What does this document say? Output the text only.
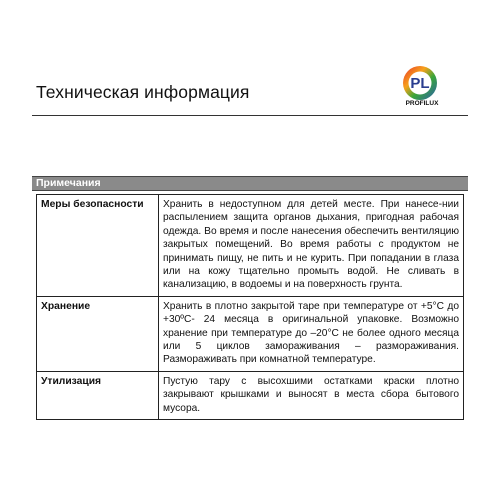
Техническая информация	PL
PROFILUX
Примечания
Меры безопасности	Хранить в недоступном для детей месте. При нанесе-нии распылением защита органов дыхания, пригодная рабочая одежда. Во время и после нанесения обеспечить вентиляцию закрытых помещений. Во время работы с продуктом не принимать пищу, не пить и не курить. При попадании в глаза или на кожу тщательно промыть водой. Не сливать в канализацию, в водоемы и на поверхность грунта.
Хранение	Хранить в плотно закрытой таре при температуре от +5°С до +30ºС- 24 месяца в оригинальной упаковке. Возможно хранение при температуре до –20°С не более одного месяца или 5 циклов замораживания – размораживания. Размораживать при комнатной температуре.
Утилизация	Пустую тару с высохшими остатками краски плотно закрывают крышками и выносят в места сбора бытового мусора.
